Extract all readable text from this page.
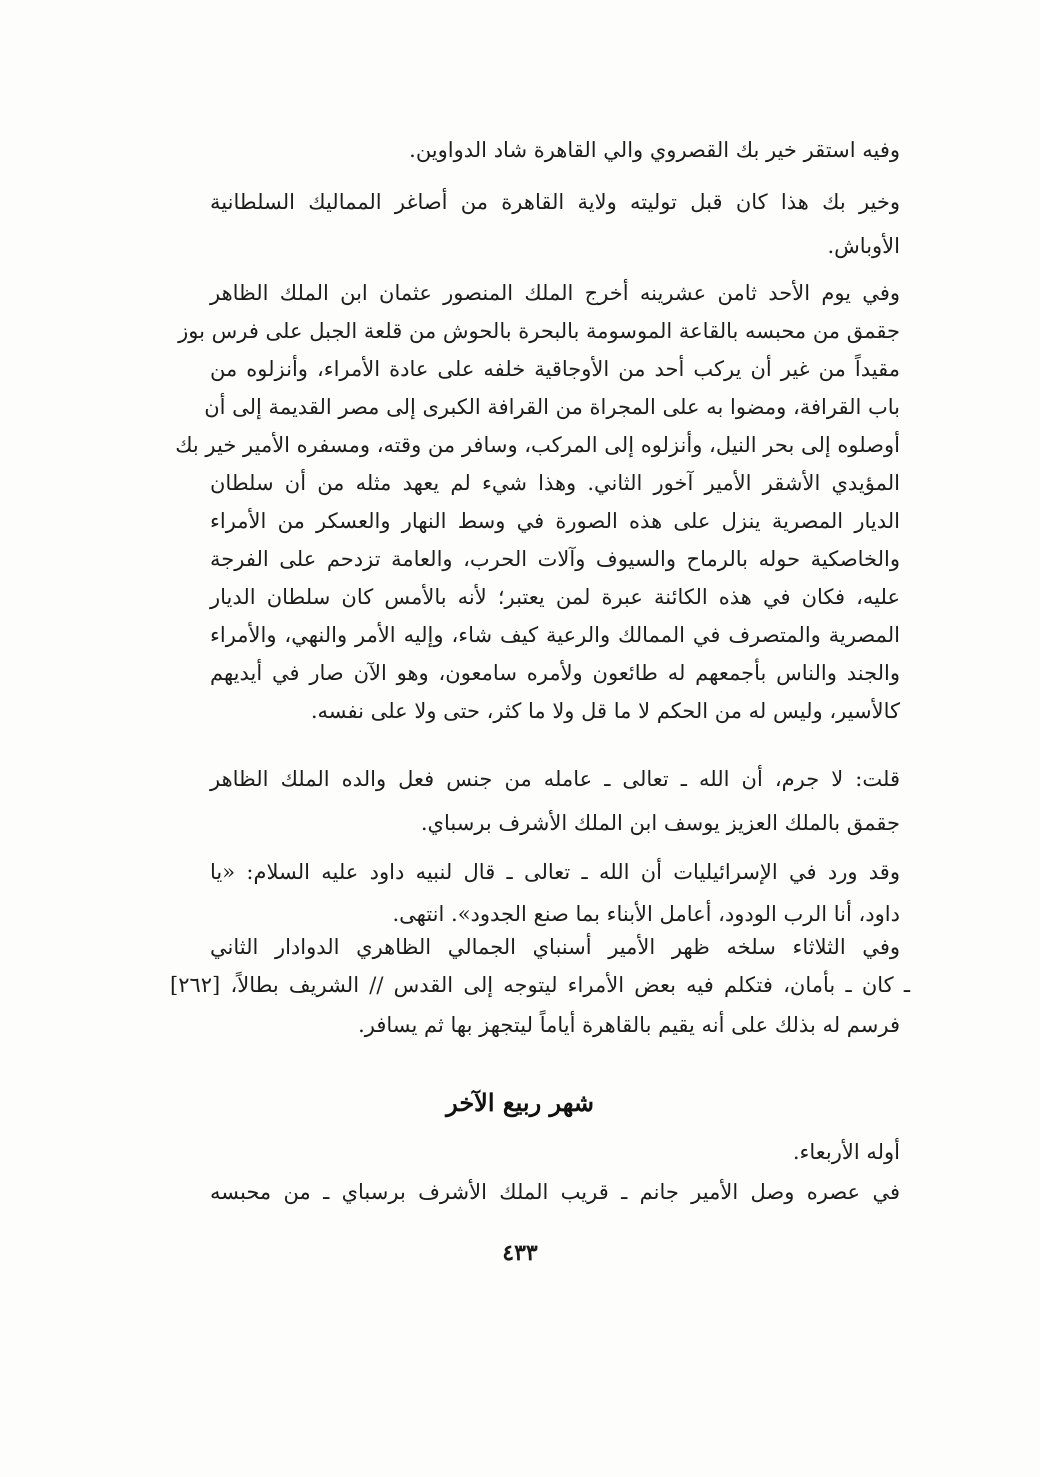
وفيه استقر خير بك القصروي والي القاهرة شاد الدواوين.
وخير بك هذا كان قبل توليته ولاية القاهرة من أصاغر المماليك السلطانية
الأوباش.
وفي يوم الأحد ثامن عشرينه أخرج الملك المنصور عثمان ابن الملك الظاهر
جقمق من محبسه بالقاعة الموسومة بالبحرة بالحوش من قلعة الجبل على فرس بوز
مقيداً من غير أن يركب أحد من الأوجاقية خلفه على عادة الأمراء، وأنزلوه من
باب القرافة، ومضوا به على المجراة من القرافة الكبرى إلى مصر القديمة إلى أن
أوصلوه إلى بحر النيل، وأنزلوه إلى المركب، وسافر من وقته، ومسفره الأمير خير بك
المؤيدي الأشقر الأمير آخور الثاني. وهذا شيء لم يعهد مثله من أن سلطان
الديار المصرية ينزل على هذه الصورة في وسط النهار والعسكر من الأمراء
والخاصكية حوله بالرماح والسيوف وآلات الحرب، والعامة تزدحم على الفرجة
عليه، فكان في هذه الكائنة عبرة لمن يعتبر؛ لأنه بالأمس كان سلطان الديار
المصرية والمتصرف في الممالك والرعية كيف شاء، وإليه الأمر والنهي، والأمراء
والجند والناس بأجمعهم له طائعون ولأمره سامعون، وهو الآن صار في أيديهم
كالأسير، وليس له من الحكم لا ما قل ولا ما كثر، حتى ولا على نفسه.
قلت: لا جرم، أن الله ـ تعالى ـ عامله من جنس فعل والده الملك الظاهر
جقمق بالملك العزيز يوسف ابن الملك الأشرف برسباي.
وقد ورد في الإسرائيليات أن الله ـ تعالى ـ قال لنبيه داود عليه السلام: «يا
داود، أنا الرب الودود، أعامل الأبناء بما صنع الجدود». انتهى.
وفي الثلاثاء سلخه ظهر الأمير أسنباي الجمالي الظاهري الدوادار الثاني
ـ كان ـ بأمان، فتكلم فيه بعض الأمراء ليتوجه إلى القدس // الشريف بطالاً، [٢٦٢]
فرسم له بذلك على أنه يقيم بالقاهرة أياماً ليتجهز بها ثم يسافر.
شهر ربيع الآخر
أوله الأربعاء.
في عصره وصل الأمير جانم ـ قريب الملك الأشرف برسباي ـ من محبسه
٤٣٣
